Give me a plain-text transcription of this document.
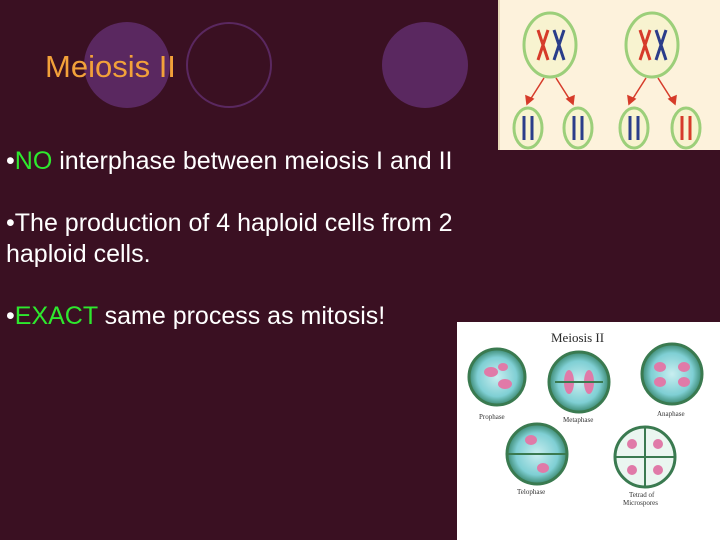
Meiosis II
•NO interphase between meiosis I and II
•The production of 4 haploid cells from 2 haploid cells.
•EXACT same process as mitosis!
Meiosis II
Prophase	Metaphase
Anaphase
Telophase	Tetrad of
Microspores
